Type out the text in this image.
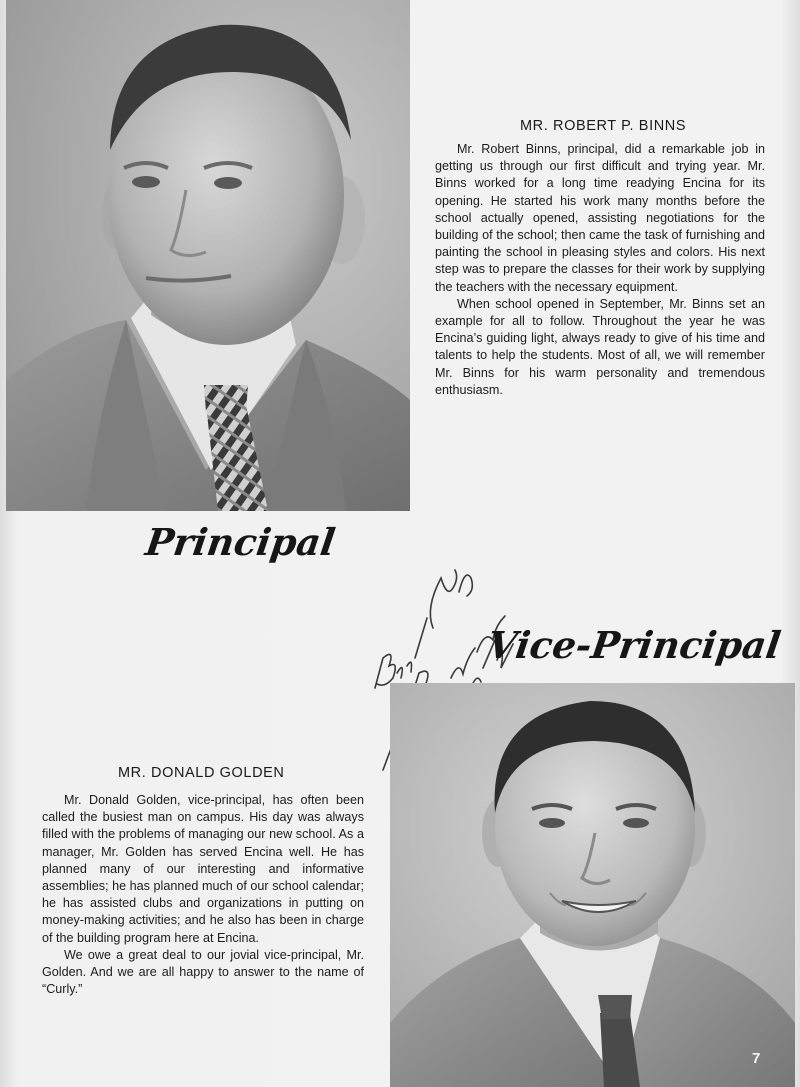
MR. ROBERT P. BINNS

Mr. Robert Binns, principal, did a remarkable job in getting us through our first difficult and trying year. Mr. Binns worked for a long time readying Encina for its opening. He started his work many months before the school actually opened, assisting negotiations for the building of the school; then came the task of furnishing and painting the school in pleasing styles and colors. His next step was to prepare the classes for their work by supplying the teachers with the necessary equipment.

When school opened in September, Mr. Binns set an example for all to follow. Throughout the year he was Encina’s guiding light, always ready to give of his time and talents to help the students. Most of all, we will remember Mr. Binns for his warm personality and tremendous enthusiasm.

Principal
Vice-Principal
MR. DONALD GOLDEN

Mr. Donald Golden, vice-principal, has often been called the busiest man on campus. His day was always filled with the problems of managing our new school. As a manager, Mr. Golden has served Encina well. He has planned many of our interesting and informative assemblies; he has planned much of our school calendar; he has assisted clubs and organizations in putting on money-making activities; and he also has been in charge of the building program here at Encina.

We owe a great deal to our jovial vice-principal, Mr. Golden. And we are all happy to answer to the name of “Curly.”

7
